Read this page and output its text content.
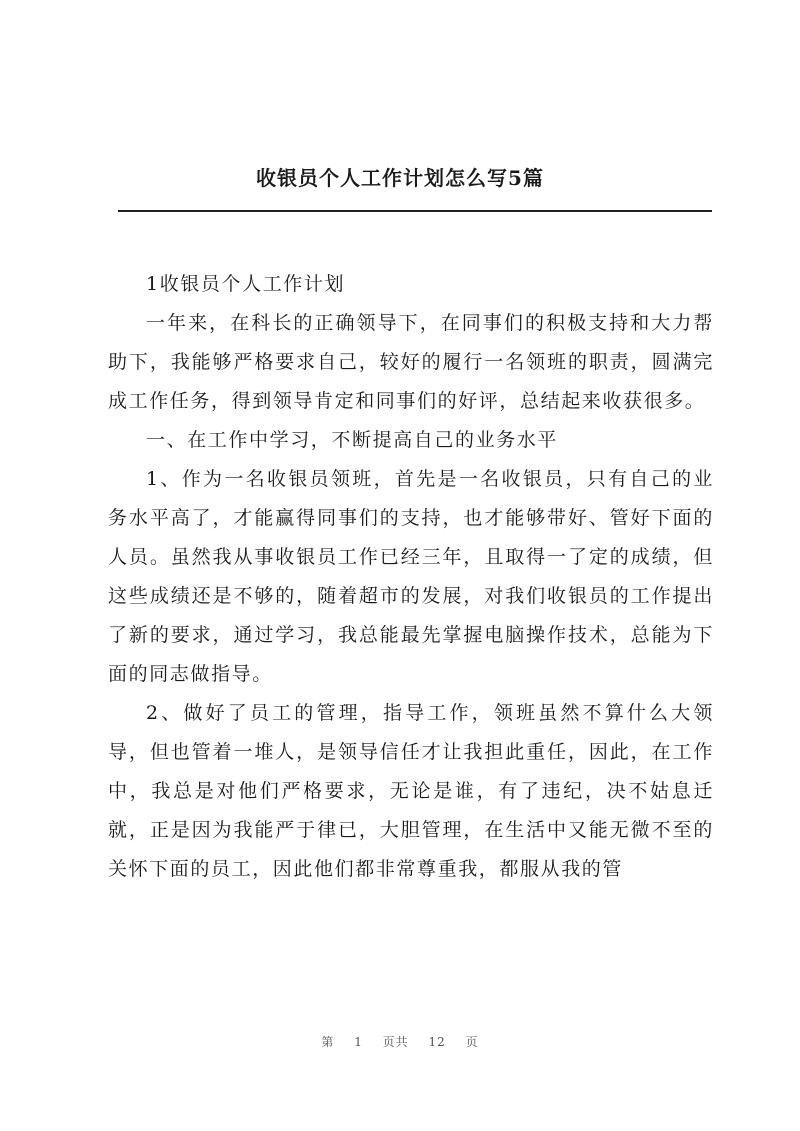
收银员个人工作计划怎么写5篇

1收银员个人工作计划

一年来，在科长的正确领导下，在同事们的积极支持和大力帮助下，我能够严格要求自己，较好的履行一名领班的职责，圆满完成工作任务，得到领导肯定和同事们的好评，总结起来收获很多。

一、在工作中学习，不断提高自己的业务水平

1、作为一名收银员领班，首先是一名收银员，只有自己的业务水平高了，才能赢得同事们的支持，也才能够带好、管好下面的人员。虽然我从事收银员工作已经三年，且取得一了定的成绩，但这些成绩还是不够的，随着超市的发展，对我们收银员的工作提出了新的要求，通过学习，我总能最先掌握电脑操作技术，总能为下面的同志做指导。

2、做好了员工的管理，指导工作，领班虽然不算什么大领导，但也管着一堆人，是领导信任才让我担此重任，因此，在工作中，我总是对他们严格要求，无论是谁，有了违纪，决不姑息迁就，正是因为我能严于律已，大胆管理，在生活中又能无微不至的关怀下面的员工，因此他们都非常尊重我，都服从我的管

第 1 页共 12 页
